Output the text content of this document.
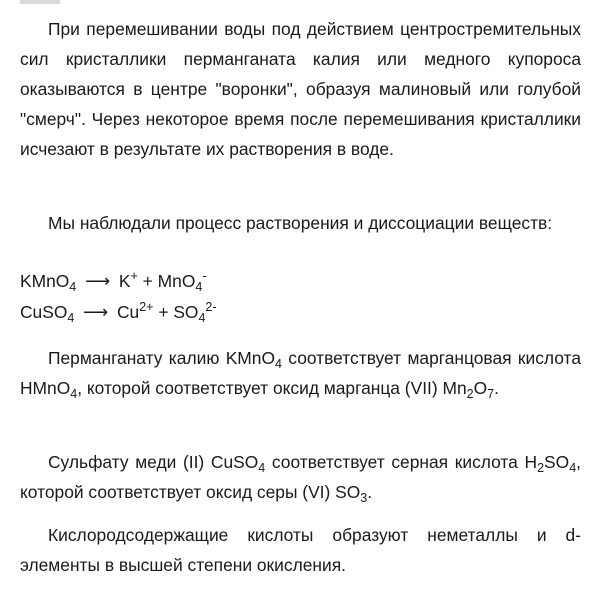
При перемешивании воды под действием центростремительных сил кристаллики перманганата калия или медного купороса оказываются в центре "воронки", образуя малиновый или голубой "смерч". Через некоторое время после перемешивания кристаллики исчезают в результате их растворения в воде.

Мы наблюдали процесс растворения и диссоциации веществ:

KMnO$_4$ ⟶ K+ + MnO$_4$-
CuSO$_4$ ⟶ $Cu^{2+} + SO_4^{2-}$

Перманганату калию KMnO$_4$ соответствует марганцовая кислота HMnO$_4$, которой соответствует оксид марганца (VII) $Mn_2O_7$.

Сульфату меди (II) CuSO$_4$ соответствует серная кислота $H_2SO_4$, которой соответствует оксид серы (VI) $SO_3$.

Кислородсодержащие кислоты образуют неметаллы и d-элементы в высшей степени окисления.
